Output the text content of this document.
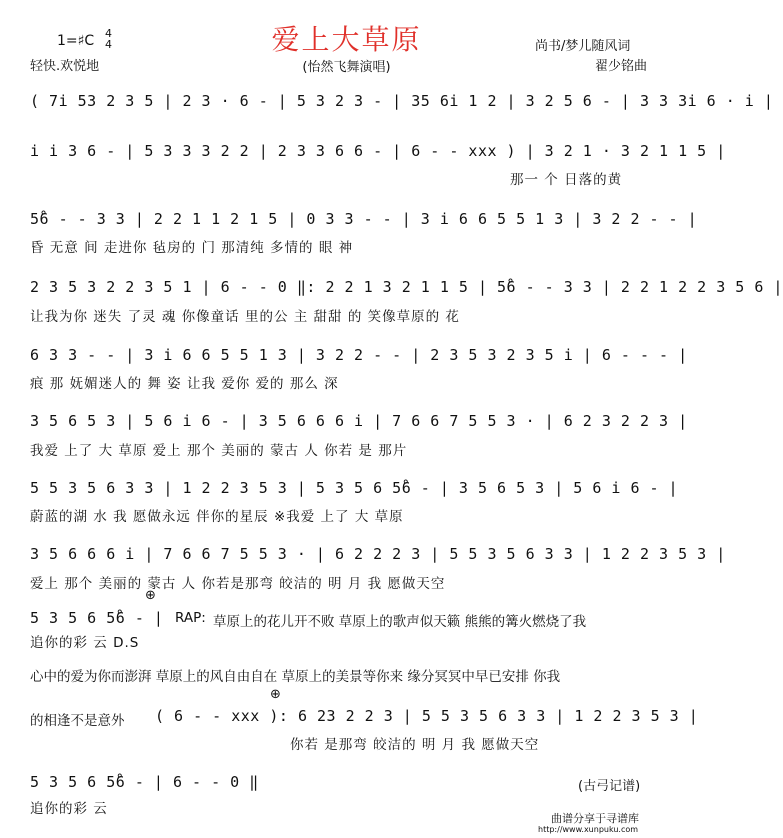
爱上大草原
(怡然飞舞演唱)
1=♯C 4
4
轻快.欢悦地
尚书/梦儿随风词
翟少铭曲
( 7i 53 2 3 5 | 2 3 · 6 - | 5 3 2 3 - | 35 6i 1 2 | 3 2 5 6 - | 3 3 3i 6 · i |
i i 3 6 - | 5 3 3 3 2 2 | 2 3 3 6 6 - | 6 - - xxx ) | 3 2 1 · 3 2 1 1 5 |
那一 个 日落的黄
5̊6 - - 3 3 | 2 2 1 1 2 1 5 | 0 3 3 - - | 3 i 6 6 5 5 1 3 | 3 2 2 - - |
昏 无意 间 走进你 毡房的 门 那清纯 多情的 眼 神
2 3 5 3 2 2 3 5 1 | 6 - - 0 ‖: 2 2 1 3 2 1 1 5 | 5̊6 - - 3 3 | 2 2 1 2 2 3 5 6 |
让我为你 迷失 了灵 魂 你像童话 里的公 主 甜甜 的 笑像草原的 花
6 3 3 - - | 3 i 6 6 5 5 1 3 | 3 2 2 - - | 2 3 5 3 2 3 5 i | 6 - - - |
痕 那 妩媚迷人的 舞 姿 让我 爱你 爱的 那么 深
3 5 6 5 3 | 5 6 i 6 - | 3 5 6 6 6 i | 7 6 6 7 5 5 3 · | 6 2 3 2 2 3 |
我爱 上了 大 草原 爱上 那个 美丽的 蒙古 人 你若 是 那片
5 5 3 5 6 3 3 | 1 2 2 3 5 3 | 5 3 5 6 5̊6 - | 3 5 6 5 3 | 5 6 i 6 - |
蔚蓝的湖 水 我 愿做永远 伴你的星辰 ※我爱 上了 大 草原
3 5 6 6 6 i | 7 6 6 7 5 5 3 · | 6 2 2 2 3 | 5 5 3 5 6 3 3 | 1 2 2 3 5 3 |
爱上 那个 美丽的 蒙古 人 你若是那弯 皎洁的 明 月 我 愿做天空
⊕
5 3 5 6 5̊6 - |
追你的彩 云 D.S
RAP: 草原上的花儿开不败 草原上的歌声似天籁 熊熊的篝火燃烧了我
心中的爱为你而澎湃 草原上的风自由自在 草原上的美景等你来 缘分冥冥中早已安排 你我
的相逢不是意外
⊕
( 6 - - xxx ): 6 23 2 2 3 | 5 5 3 5 6 3 3 | 1 2 2 3 5 3 |
你若 是那弯 皎洁的 明 月 我 愿做天空
5 3 5 6 5̊6 - | 6 - - 0 ‖
追你的彩 云
(古弓记谱)
曲谱分享于寻谱库
http://www.xunpuku.com
